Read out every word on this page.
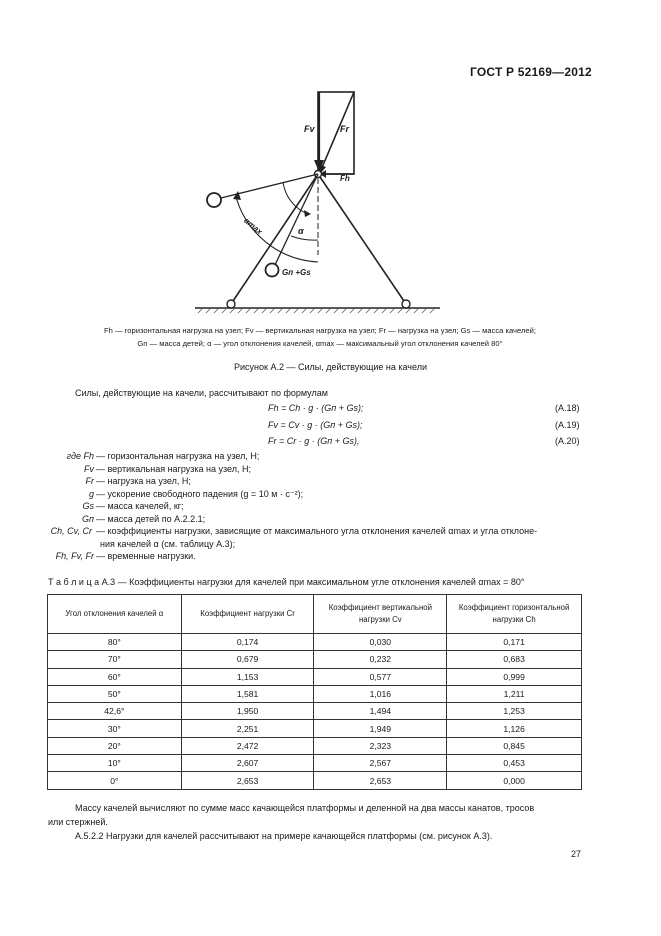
ГОСТ Р 52169—2012
Fv	Fr
Fh
αmax	α
Gп +Gs
Fh — горизонтальная нагрузка на узел; Fv — вертикальная нагрузка на узел; Fr — нагрузка на узел; Gs — масса качелей;
Gп — масса детей; α — угол отклонения качелей, αmax — максимальный угол отклонения качелей 80°
Рисунок А.2 — Силы, действующие на качели
Силы, действующие на качели, рассчитывают по формулам
Fh = Ch · g · (Gп + Gs);	(А.18)
Fv = Cv · g · (Gп + Gs);	(А.19)
Fr = Cr · g · (Gп + Gs),	(А.20)
где Fh — горизонтальная нагрузка на узел, Н;
Fv — вертикальная нагрузка на узел, Н;
Fr — нагрузка на узел, Н;
g — ускорение свободного падения (g = 10 м · с⁻²);
Gs — масса качелей, кг;
Gп — масса детей по А.2.2.1;
Ch, Cv, Cr — коэффициенты нагрузки, зависящие от максимального угла отклонения качелей αmax и угла отклоне-
ния качелей α (см. таблицу А.3);
Fh, Fv, Fr — временные нагрузки.
Т а б л и ц а А.3 — Коэффициенты нагрузки для качелей при максимальном угле отклонения качелей αmax = 80°
Угол отклонения качелей α	Коэффициент нагрузки Cr	Коэффициент вертикальной нагрузки Cv	Коэффициент горизонтальной нагрузки Ch
80°	0,174	0,030	0,171
70°	0,679	0,232	0,683
60°	1,153	0,577	0,999
50°	1,581	1,016	1,211
42,6°	1,950	1,494	1,253
30°	2,251	1,949	1,126
20°	2,472	2,323	0,845
10°	2,607	2,567	0,453
0°	2,653	2,653	0,000
Массу качелей вычисляют по сумме масс качающейся платформы и деленной на два массы канатов, тросов
или стержней.
А.5.2.2 Нагрузки для качелей рассчитывают на примере качающейся платформы (см. рисунок А.3).
27
